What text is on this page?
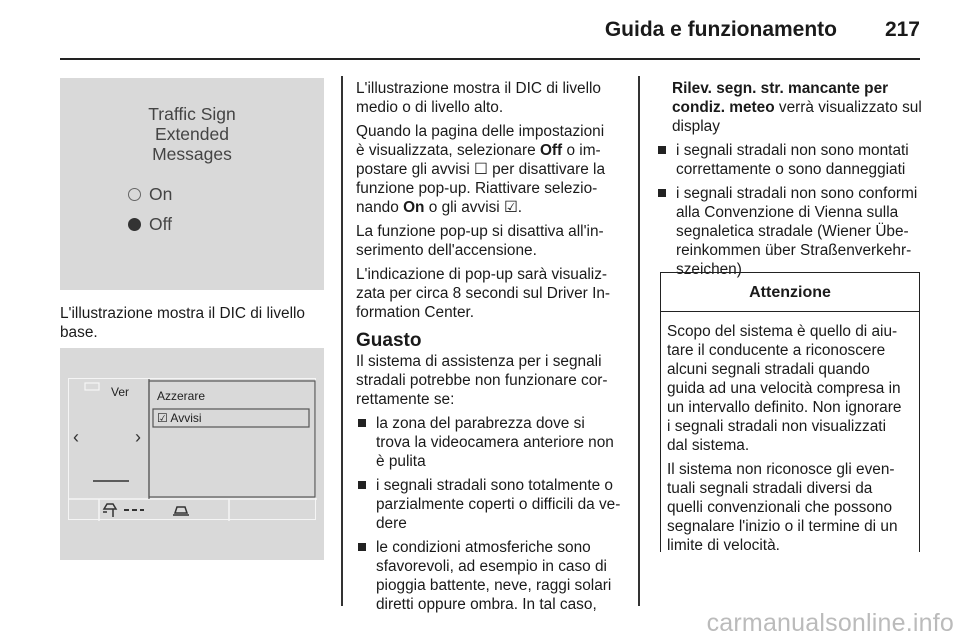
Guida e funzionamento 217
Traffic Sign
Extended
Messages
On
Off
L'illustrazione mostra il DIC di livello
base.
‹	›
Ver Azzerare
☑ Avvisi

L'illustrazione mostra il DIC di livello
medio o di livello alto.

Quando la pagina delle impostazioni
è visualizzata, selezionare Off o im-
postare gli avvisi ☐ per disattivare la
funzione pop-up. Riattivare selezio-
nando On o gli avvisi ☑.

La funzione pop-up si disattiva all'in-
serimento dell'accensione.

L'indicazione di pop-up sarà visualiz-
zata per circa 8 secondi sul Driver In-
formation Center.

Guasto

Il sistema di assistenza per i segnali
stradali potrebbe non funzionare cor-
rettamente se:

la zona del parabrezza dove si
trova la videocamera anteriore non
è pulita
i segnali stradali sono totalmente o
parzialmente coperti o difficili da ve-
dere
le condizioni atmosferiche sono
sfavorevoli, ad esempio in caso di
pioggia battente, neve, raggi solari
diretti oppure ombra. In tal caso,

Rilev. segn. str. mancante per
condiz. meteo verrà visualizzato sul
display

i segnali stradali non sono montati
correttamente o sono danneggiati
i segnali stradali non sono conformi
alla Convenzione di Vienna sulla
segnaletica stradale (Wiener Übe-
reinkommen über Straßenverkehr-
szeichen)
Attenzione

Scopo del sistema è quello di aiu-
tare il conducente a riconoscere
alcuni segnali stradali quando
guida ad una velocità compresa in
un intervallo definito. Non ignorare
i segnali stradali non visualizzati
dal sistema.

Il sistema non riconosce gli even-
tuali segnali stradali diversi da
quelli convenzionali che possono
segnalare l'inizio o il termine di un
limite di velocità.

carmanualsonline.info
